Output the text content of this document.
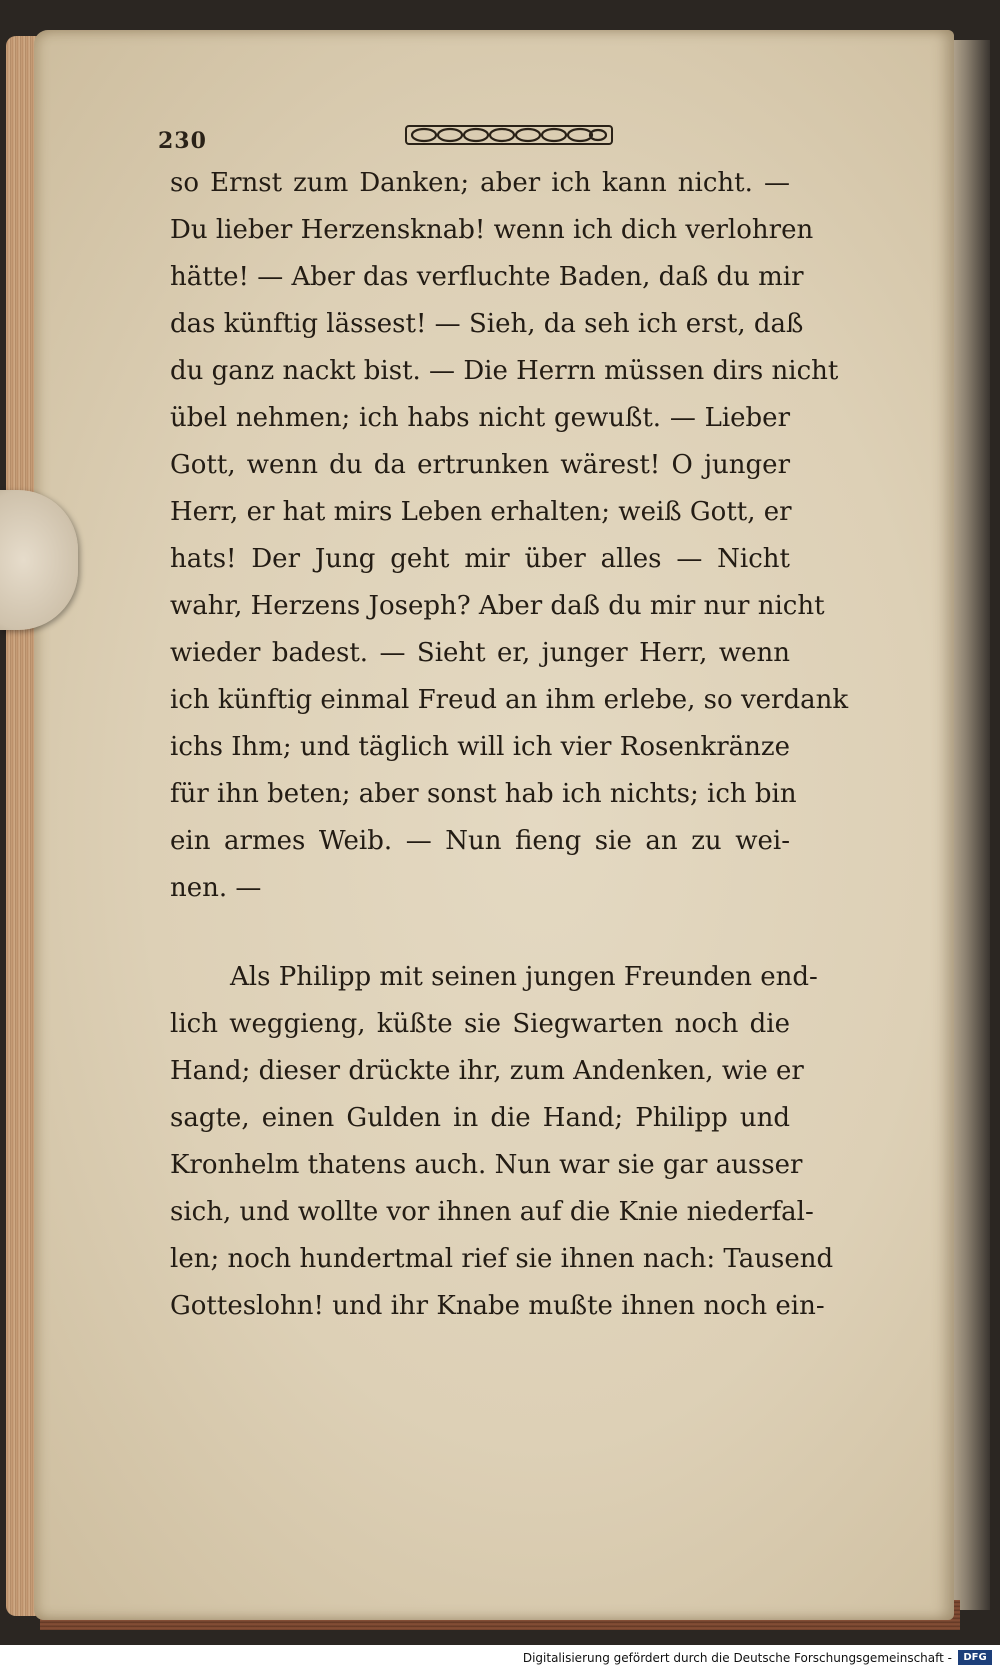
230
so Ernst zum Danken; aber ich kann nicht. —
Du lieber Herzensknab! wenn ich dich verlohren
hätte! — Aber das verfluchte Baden, daß du mir
das künftig lässest! — Sieh, da seh ich erst, daß
du ganz nackt bist. — Die Herrn müssen dirs nicht
übel nehmen; ich habs nicht gewußt. — Lieber
Gott, wenn du da ertrunken wärest! O junger
Herr, er hat mirs Leben erhalten; weiß Gott, er
hats! Der Jung geht mir über alles — Nicht
wahr, Herzens Joseph? Aber daß du mir nur nicht
wieder badest. — Sieht er, junger Herr, wenn
ich künftig einmal Freud an ihm erlebe, so verdank
ichs Ihm; und täglich will ich vier Rosenkränze
für ihn beten; aber sonst hab ich nichts; ich bin
ein armes Weib. — Nun fieng sie an zu wei-
nen. —
Als Philipp mit seinen jungen Freunden end-
lich weggieng, küßte sie Siegwarten noch die
Hand; dieser drückte ihr, zum Andenken, wie er
sagte, einen Gulden in die Hand; Philipp und
Kronhelm thatens auch. Nun war sie gar ausser
sich, und wollte vor ihnen auf die Knie niederfal-
len; noch hundertmal rief sie ihnen nach: Tausend
Gotteslohn! und ihr Knabe mußte ihnen noch ein-
Digitalisierung gefördert durch die Deutsche Forschungsgemeinschaft -	DFG
